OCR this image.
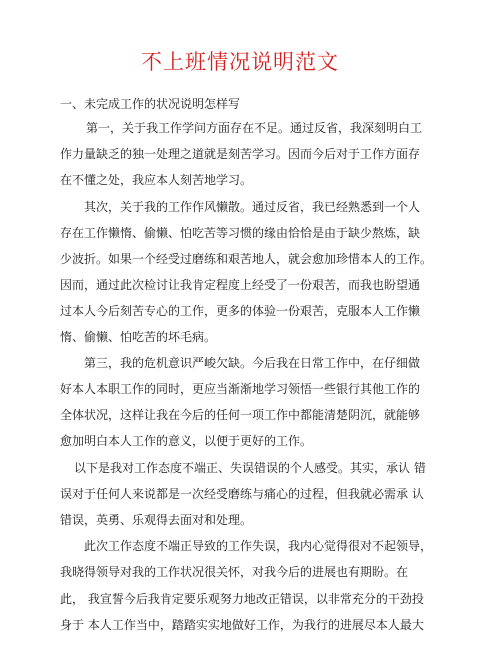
不上班情况说明范文
一、未完成工作的状况说明怎样写
第一，关于我工作学问方面存在不足。通过反省，我深刻明白工
作力量缺乏的独一处理之道就是刻苦学习。因而今后对于工作方面存
在不懂之处，我应本人刻苦地学习。
其次，关于我的工作作风懒散。通过反省，我已经熟悉到一个人
存在工作懒惰、偷懒、怕吃苦等习惯的缘由恰恰是由于缺少熬炼，缺
少波折。如果一个经受过磨练和艰苦地人，就会愈加珍惜本人的工作。
因而，通过此次检讨让我肯定程度上经受了一份艰苦，而我也盼望通
过本人今后刻苦专心的工作，更多的体验一份艰苦，克服本人工作懒
惰、偷懒、怕吃苦的坏毛病。
第三，我的危机意识严峻欠缺。今后我在日常工作中，在仔细做
好本人本职工作的同时，更应当渐渐地学习领悟一些银行其他工作的
全体状况，这样让我在今后的任何一项工作中都能清楚阴沉，就能够
愈加明白本人工作的意义，以便于更好的工作。
以下是我对工作态度不端正、失误错误的个人感受。其实，承认 错
误对于任何人来说都是一次经受磨练与痛心的过程，但我就必需承 认
错误，英勇、乐观得去面对和处理。
此次工作态度不端正导致的工作失误，我内心觉得很对不起领导，
我晓得领导对我的工作状况很关怀，对我今后的进展也有期盼。在
此， 我宣誓今后我肯定要乐观努力地改正错误，以非常充分的干劲投
身于 本人工作当中，踏踏实实地做好工作，为我行的进展尽本人最大
